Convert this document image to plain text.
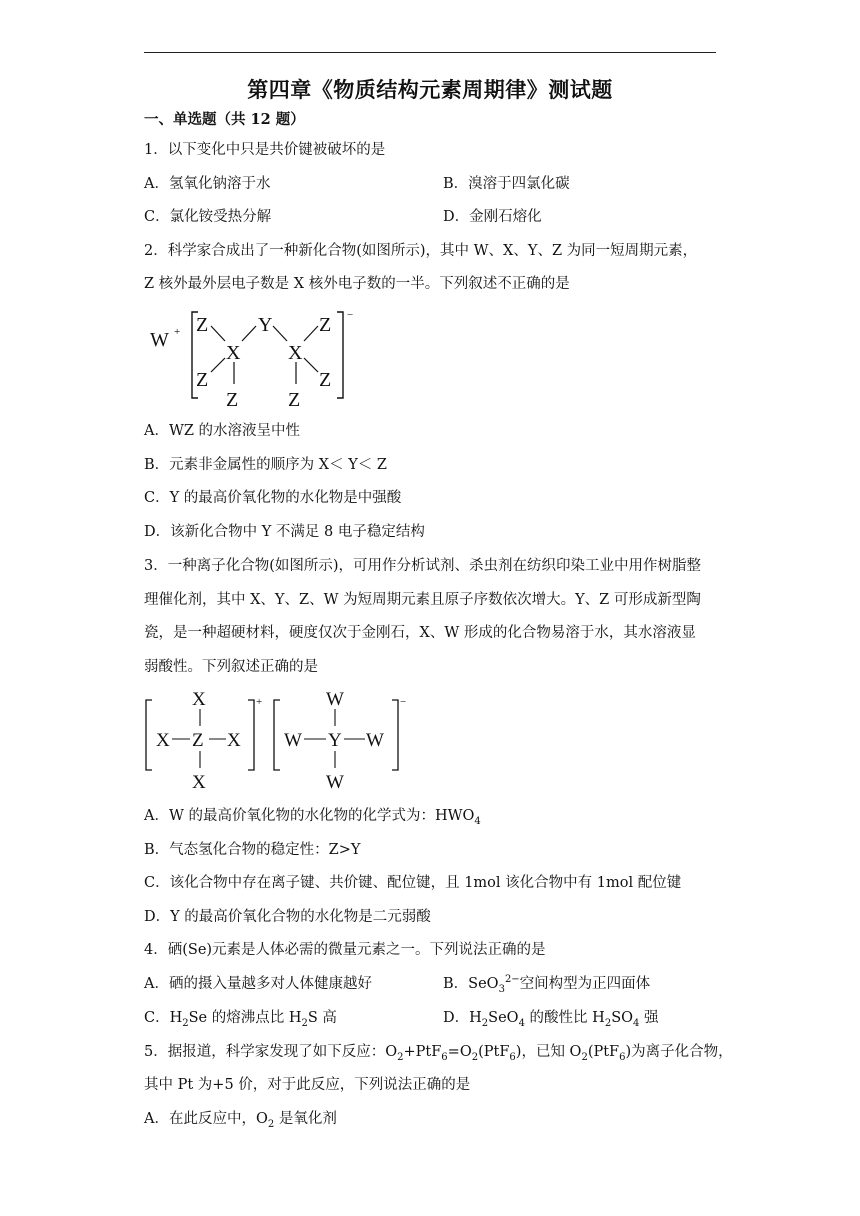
第四章《物质结构元素周期律》测试题
一、单选题（共 12 题）
1．以下变化中只是共价键被破坏的是
A．氢氧化钠溶于水	B．溴溶于四氯化碳
C．氯化铵受热分解	D．金刚石熔化
2．科学家合成出了一种新化合物(如图所示)，其中 W、X、Y、Z 为同一短周期元素，
Z 核外最外层电子数是 X 核外电子数的一半。下列叙述不正确的是
W +
−
Z Y Z
X X
Z	Z
Z Z
A．WZ 的水溶液呈中性
B．元素非金属性的顺序为 X＜ Y＜ Z
C．Y 的最高价氧化物的水化物是中强酸
D．该新化合物中 Y 不满足 8 电子稳定结构
3．一种离子化合物(如图所示)，可用作分析试剂、杀虫剂在纺织印染工业中用作树脂整
理催化剂，其中 X、Y、Z、W 为短周期元素且原子序数依次增大。Y、Z 可形成新型陶
瓷，是一种超硬材料，硬度仅次于金刚石，X、W 形成的化合物易溶于水，其水溶液显
弱酸性。下列叙述正确的是
+
X
X Z X
X
−
W
W Y W
W
A．W 的最高价氧化物的水化物的化学式为：$HWO_4$
B．气态氢化合物的稳定性：Z>Y
C．该化合物中存在离子键、共价键、配位键，且 1mol 该化合物中有 1mol 配位键
D．Y 的最高价氧化合物的水化物是二元弱酸
4．硒(Se)元素是人体必需的微量元素之一。下列说法正确的是
A．硒的摄入量越多对人体健康越好	B．SeO$_3^{2-}$空间构型为正四面体
C．$H_2Se$ 的熔沸点比 $H_2S$ 高	D．$H_2SeO_4$ 的酸性比 $H_2SO_4$ 强
5．据报道，科学家发现了如下反应：$O_2+PtF_6=O_2(PtF_6)$，已知 $O_2(PtF_6)$为离子化合物，
其中 Pt 为+5 价，对于此反应，下列说法正确的是
A．在此反应中，$O_2$ 是氧化剂
